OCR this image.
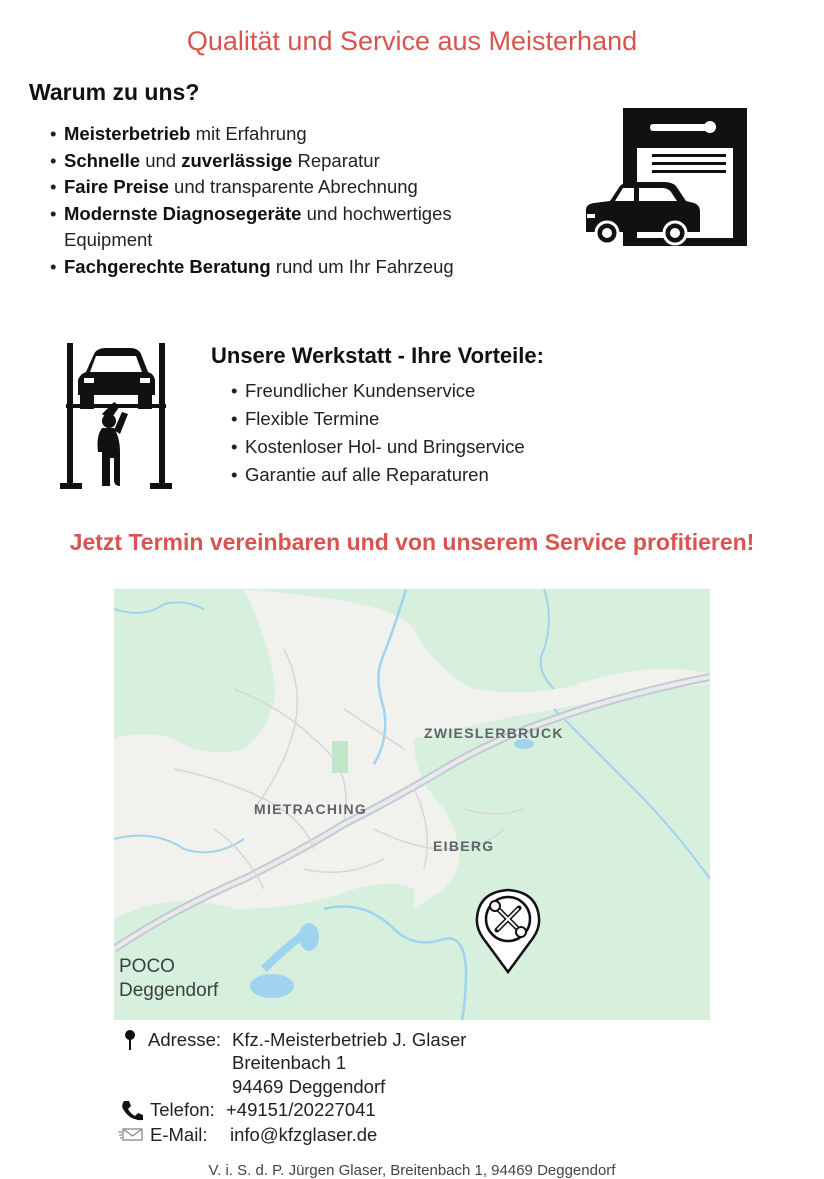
Qualität und Service aus Meisterhand
Warum zu uns?
• Meisterbetrieb mit Erfahrung
• Schnelle und zuverlässige Reparatur
• Faire Preise und transparente Abrechnung
• Modernste Diagnosegeräte und hochwertiges Equipment
• Fachgerechte Beratung rund um Ihr Fahrzeug
Unsere Werkstatt - Ihre Vorteile:
• Freundlicher Kundenservice
• Flexible Termine
• Kostenloser Hol- und Bringservice
• Garantie auf alle Reparaturen
Jetzt Termin vereinbaren und von unserem Service profitieren!
ZWIESLERBRUCK
MIETRACHING
EIBERG
POCO
Deggendorf
Adresse: Kfz.-Meisterbetrieb J. Glaser
Breitenbach 1
94469 Deggendorf
Telefon: +49151/20227041
E-Mail: info@kfzglaser.de
V. i. S. d. P. Jürgen Glaser, Breitenbach 1, 94469 Deggendorf
